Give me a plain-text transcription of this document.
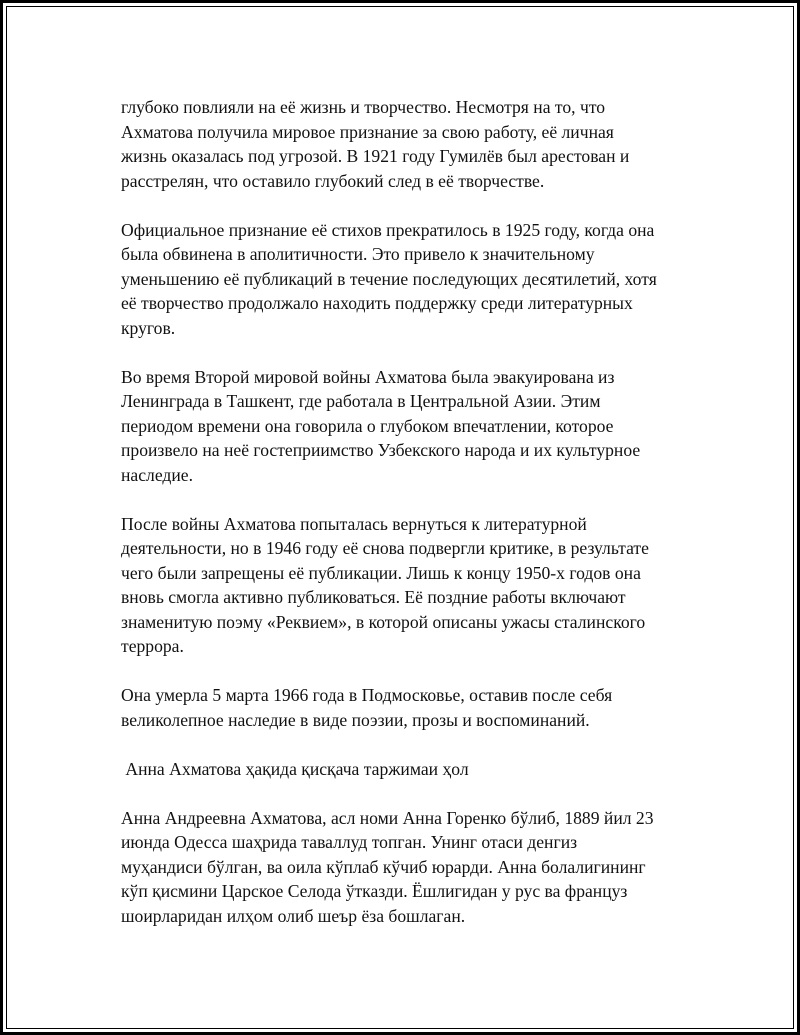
глубоко повлияли на её жизнь и творчество. Несмотря на то, что
Ахматова получила мировое признание за свою работу, её личная
жизнь оказалась под угрозой. В 1921 году Гумилёв был арестован и
расстрелян, что оставило глубокий след в её творчестве.
Официальное признание её стихов прекратилось в 1925 году, когда она
была обвинена в аполитичности. Это привело к значительному
уменьшению её публикаций в течение последующих десятилетий, хотя
её творчество продолжало находить поддержку среди литературных
кругов.
Во время Второй мировой войны Ахматова была эвакуирована из
Ленинграда в Ташкент, где работала в Центральной Азии. Этим
периодом времени она говорила о глубоком впечатлении, которое
произвело на неё гостеприимство Узбекского народа и их культурное
наследие.
После войны Ахматова попыталась вернуться к литературной
деятельности, но в 1946 году её снова подвергли критике, в результате
чего были запрещены её публикации. Лишь к концу 1950-х годов она
вновь смогла активно публиковаться. Её поздние работы включают
знаменитую поэму «Реквием», в которой описаны ужасы сталинского
террора.
Она умерла 5 марта 1966 года в Подмосковье, оставив после себя
великолепное наследие в виде поэзии, прозы и воспоминаний.
Анна Ахматова ҳақида қисқача таржимаи ҳол
Анна Андреевна Ахматова, асл номи Анна Горенко бўлиб, 1889 йил 23
июнда Одесса шаҳрида таваллуд топган. Унинг отаси денгиз
муҳандиси бўлган, ва оила кўплаб кўчиб юрарди. Анна болалигининг
кўп қисмини Царское Селода ўтказди. Ёшлигидан у рус ва француз
шоирларидан илҳом олиб шеър ёза бошлаган.
